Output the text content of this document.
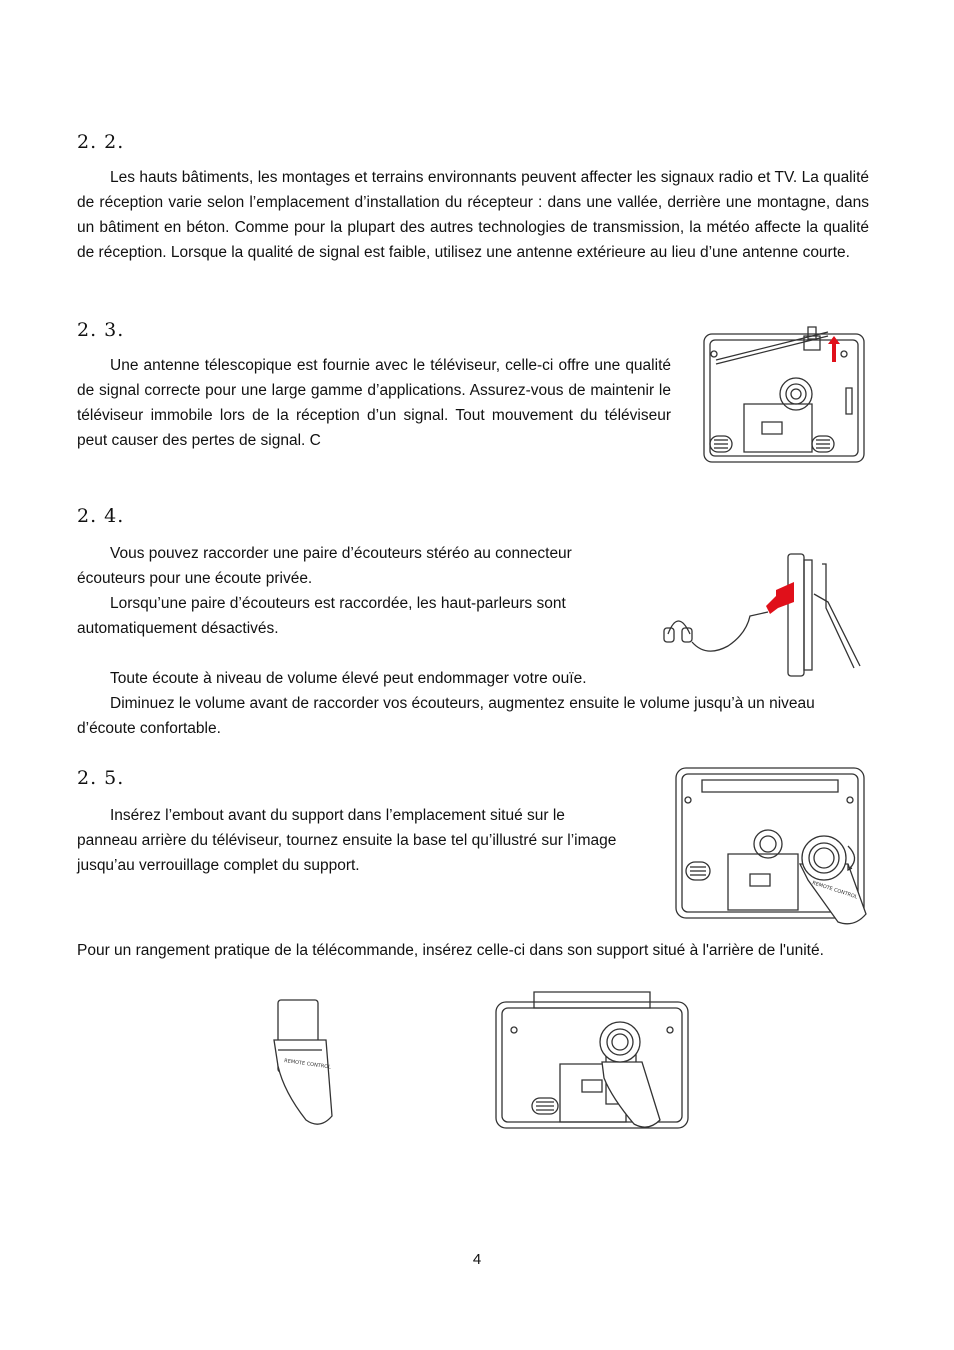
2. 2.

Les hauts bâtiments, les montages et terrains environnants peuvent affecter les signaux radio et TV. La qualité de réception varie selon l’emplacement d’installation du récepteur : dans une vallée, derrière une montagne, dans un bâtiment en béton. Comme pour la plupart des autres technologies de transmission, la météo affecte la qualité de réception. Lorsque la qualité de signal est faible, utilisez une antenne extérieure au lieu d’une antenne courte.

2. 3.

Une antenne télescopique est fournie avec le téléviseur, celle-ci offre une qualité de signal correcte pour une large gamme d’applications. Assurez-vous de maintenir le téléviseur immobile lors de la réception d’un signal. Tout mouvement du téléviseur peut causer des pertes de signal. C

2. 4.
Vous pouvez raccorder une paire d’écouteurs stéréo au connecteur
écouteurs pour une écoute privée.
Lorsqu’une paire d’écouteurs est raccordée, les haut-parleurs sont
automatiquement désactivés.
Toute écoute à niveau de volume élevé peut endommager votre ouïe.
Diminuez le volume avant de raccorder vos écouteurs, augmentez ensuite le volume jusqu’à un niveau
d’écoute confortable.
2. 5.
Insérez l’embout avant du support dans l’emplacement situé sur le
panneau arrière du téléviseur, tournez ensuite la base tel qu’illustré sur l’image
jusqu’au verrouillage complet du support.
REMOTE CONTROL
Pour un rangement pratique de la télécommande, insérez celle-ci dans son support situé à l'arrière de l'unité.
REMOTE CONTROL
4
